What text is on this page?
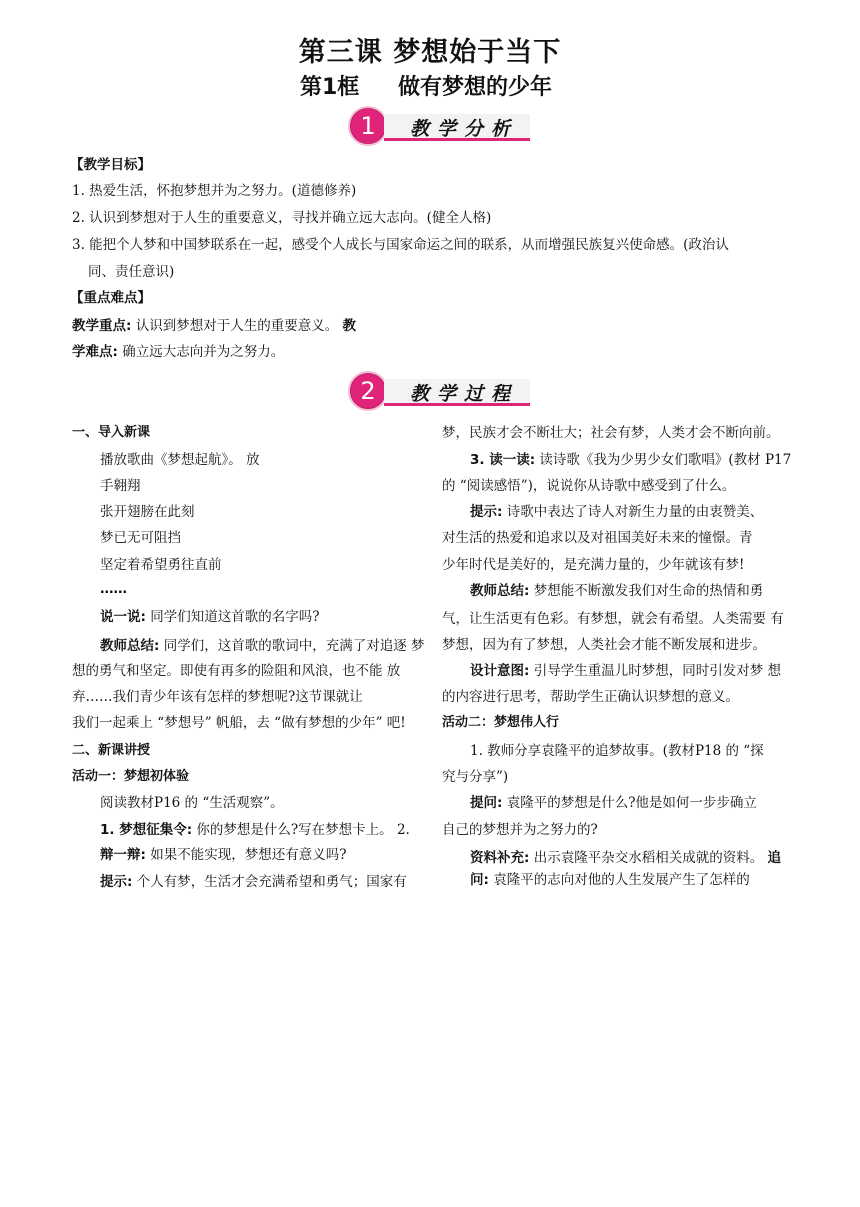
第三课 梦想始于当下
第1框 做有梦想的少年
1	教学分析
【教学目标】
1. 热爱生活，怀抱梦想并为之努力。(道德修养)
2. 认识到梦想对于人生的重要意义，寻找并确立远大志向。(健全人格)
3. 能把个人梦和中国梦联系在一起，感受个人成长与国家命运之间的联系，从而增强民族复兴使命感。(政治认
同、责任意识)
【重点难点】
教学重点: 认识到梦想对于人生的重要意义。 教
学难点: 确立远大志向并为之努力。
2	教学过程
一、导入新课
播放歌曲《梦想起航》。 放
手翱翔
张开翅膀在此刻
梦已无可阻挡
坚定着希望勇往直前
……
说一说: 同学们知道这首歌的名字吗?
教师总结: 同学们，这首歌的歌词中，充满了对追逐 梦
想的勇气和坚定。即使有再多的险阻和风浪，也不能 放
弃……我们青少年该有怎样的梦想呢?这节课就让
我们一起乘上 “梦想号” 帆船，去 “做有梦想的少年” 吧!
二、新课讲授
活动一：梦想初体验
阅读教材P16 的 “生活观察”。
1. 梦想征集令: 你的梦想是什么?写在梦想卡上。 2.
辩一辩: 如果不能实现，梦想还有意义吗?
提示: 个人有梦，生活才会充满希望和勇气；国家有
梦，民族才会不断壮大；社会有梦，人类才会不断向前。
3. 读一读: 读诗歌《我为少男少女们歌唱》(教材 P17
的 “阅读感悟”)，说说你从诗歌中感受到了什么。
提示: 诗歌中表达了诗人对新生力量的由衷赞美、
对生活的热爱和追求以及对祖国美好未来的憧憬。青
少年时代是美好的，是充满力量的，少年就该有梦!
教师总结: 梦想能不断激发我们对生命的热情和勇
气，让生活更有色彩。有梦想，就会有希望。人类需要 有
梦想，因为有了梦想，人类社会才能不断发展和进步。
设计意图: 引导学生重温儿时梦想，同时引发对梦 想
的内容进行思考，帮助学生正确认识梦想的意义。
活动二：梦想伟人行
1. 教师分享袁隆平的追梦故事。(教材P18 的 “探
究与分享”)
提问: 袁隆平的梦想是什么?他是如何一步步确立
自己的梦想并为之努力的?
资料补充: 出示袁隆平杂交水稻相关成就的资料。 追
问: 袁隆平的志向对他的人生发展产生了怎样的
